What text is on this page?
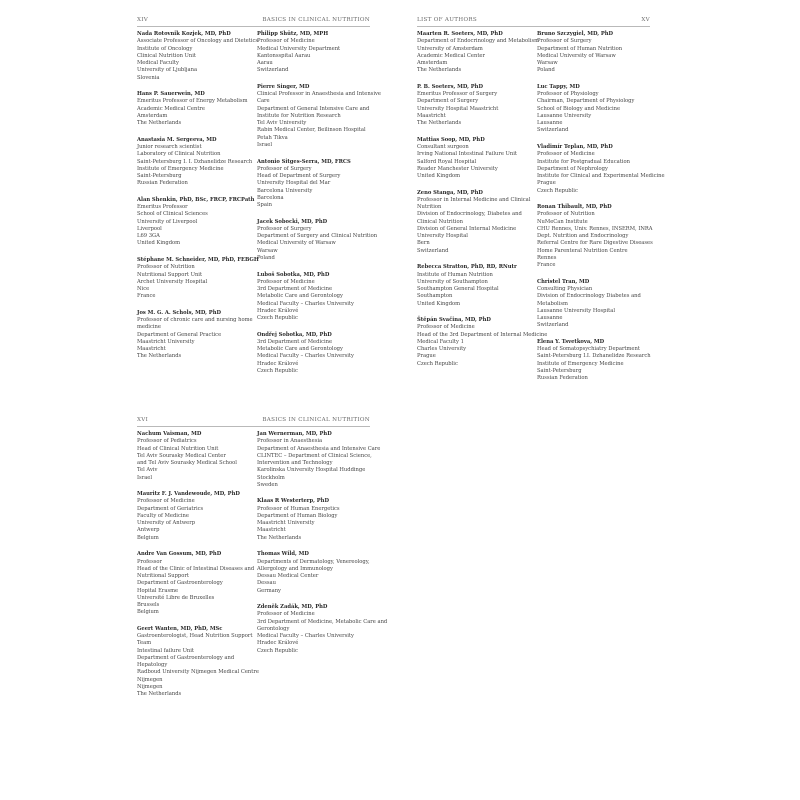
XIV	BASICS IN CLINICAL NUTRITION
Nada Rotovnik Kozjek, MD, PhD
Associate Professor of Oncology and Dietetics
Institute of Oncology
Clinical Nutrition Unit
Medical Faculty
University of Ljubljana
Slovenia
Hans P. Sauerwein, MD
Emeritus Professor of Energy Metabolism
Academic Medical Centre
Amsterdam
The Netherlands
Anastasia M. Sergeeva, MD
Junior research scientist
Laboratory of Clinical Nutrition
Saint-Petersburg I. I. Dzhanelidze Research
Institute of Emergency Medicine
Saint-Petersburg
Russian Federation
Alan Shenkin, PhD, BSc, FRCP, FRCPath
Emeritus Professor
School of Clinical Sciences
University of Liverpool
Liverpool
L69 3GA
United Kingdom
Stéphane M. Schneider, MD, PhD, FEBGH
Professor of Nutrition
Nutritional Support Unit
Archet University Hospital
Nice
France
Jos M. G. A. Schols, MD, PhD
Professor of chronic care and nursing home
medicine
Department of General Practice
Maastricht University
Maastricht
The Netherlands
Philipp Shütz, MD, MPH
Professor of Medicine
Medical University Department
Kantonsspital Aarau
Aarau
Switzerland
Pierre Singer, MD
Clinical Professor in Anaesthesia and Intensive
Care
Department of General Intensive Care and
Institute for Nutrition Research
Tel Aviv University
Rabin Medical Center, Beilinson Hospital
Petah Tikva
Israel
Antonio Sitges-Serra, MD, FRCS
Professor of Surgery
Head of Department of Surgery
University Hospital del Mar
Barcelona University
Barcelona
Spain
Jacek Sobocki, MD, PhD
Professor of Surgery
Department of Surgery and Clinical Nutrition
Medical University of Warsaw
Warsaw
Poland
Luboš Sobotka, MD, PhD
Professor of Medicine
3rd Department of Medicine
Metabolic Care and Gerontology
Medical Faculty – Charles University
Hradec Králové
Czech Republic
Ondřej Sobotka, MD, PhD
3rd Department of Medicine
Metabolic Care and Gerontology
Medical Faculty – Charles University
Hradec Králové
Czech Republic
LIST OF AUTHORS	XV
Maarten R. Soeters, MD, PhD
Department of Endocrinology and Metabolism
University of Amsterdam
Academic Medical Center
Amsterdam
The Netherlands
P. B. Soeters, MD, PhD
Emeritus Professor of Surgery
Department of Surgery
University Hospital Maastricht
Maastricht
The Netherlands
Mattias Soop, MD, PhD
Consultant surgeon
Irving National Intestinal Failure Unit
Salford Royal Hospital
Reader Manchester University
United Kingdom
Zeno Stanga, MD, PhD
Professor in Internal Medicine and Clinical
Nutrition
Division of Endocrinology, Diabetes and
Clinical Nutrition
Division of General Internal Medicine
University Hospital
Bern
Switzerland
Rebecca Stratton, PhD, RD, RNutr
Institute of Human Nutrition
University of Southampton
Southampton General Hospital
Southampton
United Kingdom
Štěpán Svačina, MD, PhD
Professor of Medicine
Head of the 3rd Department of Internal Medicine
Medical Faculty 1
Charles University
Prague
Czech Republic
Bruno Szczygiel, MD, PhD
Professor of Surgery
Department of Human Nutrition
Medical University of Warsaw
Warsaw
Poland
Luc Tappy, MD
Professor of Physiology
Chairman, Department of Physiology
School of Biology and Medicine
Lausanne University
Lausanne
Switzerland
Vladimír Teplan, MD, PhD
Professor of Medicine
Institute for Postgradual Education
Department of Nephrology
Institute for Clinical and Experimental Medicine
Prague
Czech Republic
Ronan Thibault, MD, PhD
Professor of Nutrition
NuMeCan Institute
CHU Rennes, Univ. Rennes, INSERM, INRA
Dept. Nutrition and Endocrinology
Referral Centre for Rare Digestive Diseases
Home Parenteral Nutrition Centre
Rennes
France
Christel Tran, MD
Consulting Physician
Division of Endocrinology Diabetes and
Metabolism
Lausanne University Hospital
Lausanne
Switzerland
Elena Y. Tsvetkova, MD
Head of Somatopsychiatry Department
Saint-Petersburg I.I. Dzhanelidze Research
Institute of Emergency Medicine
Saint-Petersburg
Russian Federation
XVI	BASICS IN CLINICAL NUTRITION
Nachum Vaisman, MD
Professor of Pediatrics
Head of Clinical Nutrition Unit
Tel Aviv Sourasky Medical Center
and Tel Aviv Sourasky Medical School
Tel Aviv
Israel
Mauritz F. J. Vandewoude, MD, PhD
Professor of Medicine
Department of Geriatrics
Faculty of Medicine
University of Antwerp
Antwerp
Belgium
Andre Van Gossum, MD, PhD
Professor
Head of the Clinic of Intestinal Diseases and
Nutritional Support
Department of Gastroenterology
Hopital Erasme
Université Libre de Bruxelles
Brussels
Belgium
Geert Wanten, MD, PhD, MSc
Gastroenterologist, Head Nutrition Support
Team
Intestinal failure Unit
Department of Gastroenterology and
Hepatology
Radboud University Nijmegen Medical Centre
Nijmegen
Nijmegen
The Netherlands
Jan Wernerman, MD, PhD
Professor in Anaesthesia
Department of Anaesthesia and Intensive Care
CLINTEC – Department of Clinical Science,
Intervention and Technology
Karolinska University Hospital Huddinge
Stockholm
Sweden
Klaas R Westerterp, PhD
Professor of Human Energetics
Department of Human Biology
Maastricht University
Maastricht
The Netherlands
Thomas Wild, MD
Departments of Dermatology, Venereology,
Allergology and Immunology
Dessau Medical Center
Dessau
Germany
Zdeněk Zadák, MD, PhD
Professor of Medicine
3rd Department of Medicine, Metabolic Care and
Gerontology
Medical Faculty – Charles University
Hradec Králové
Czech Republic
